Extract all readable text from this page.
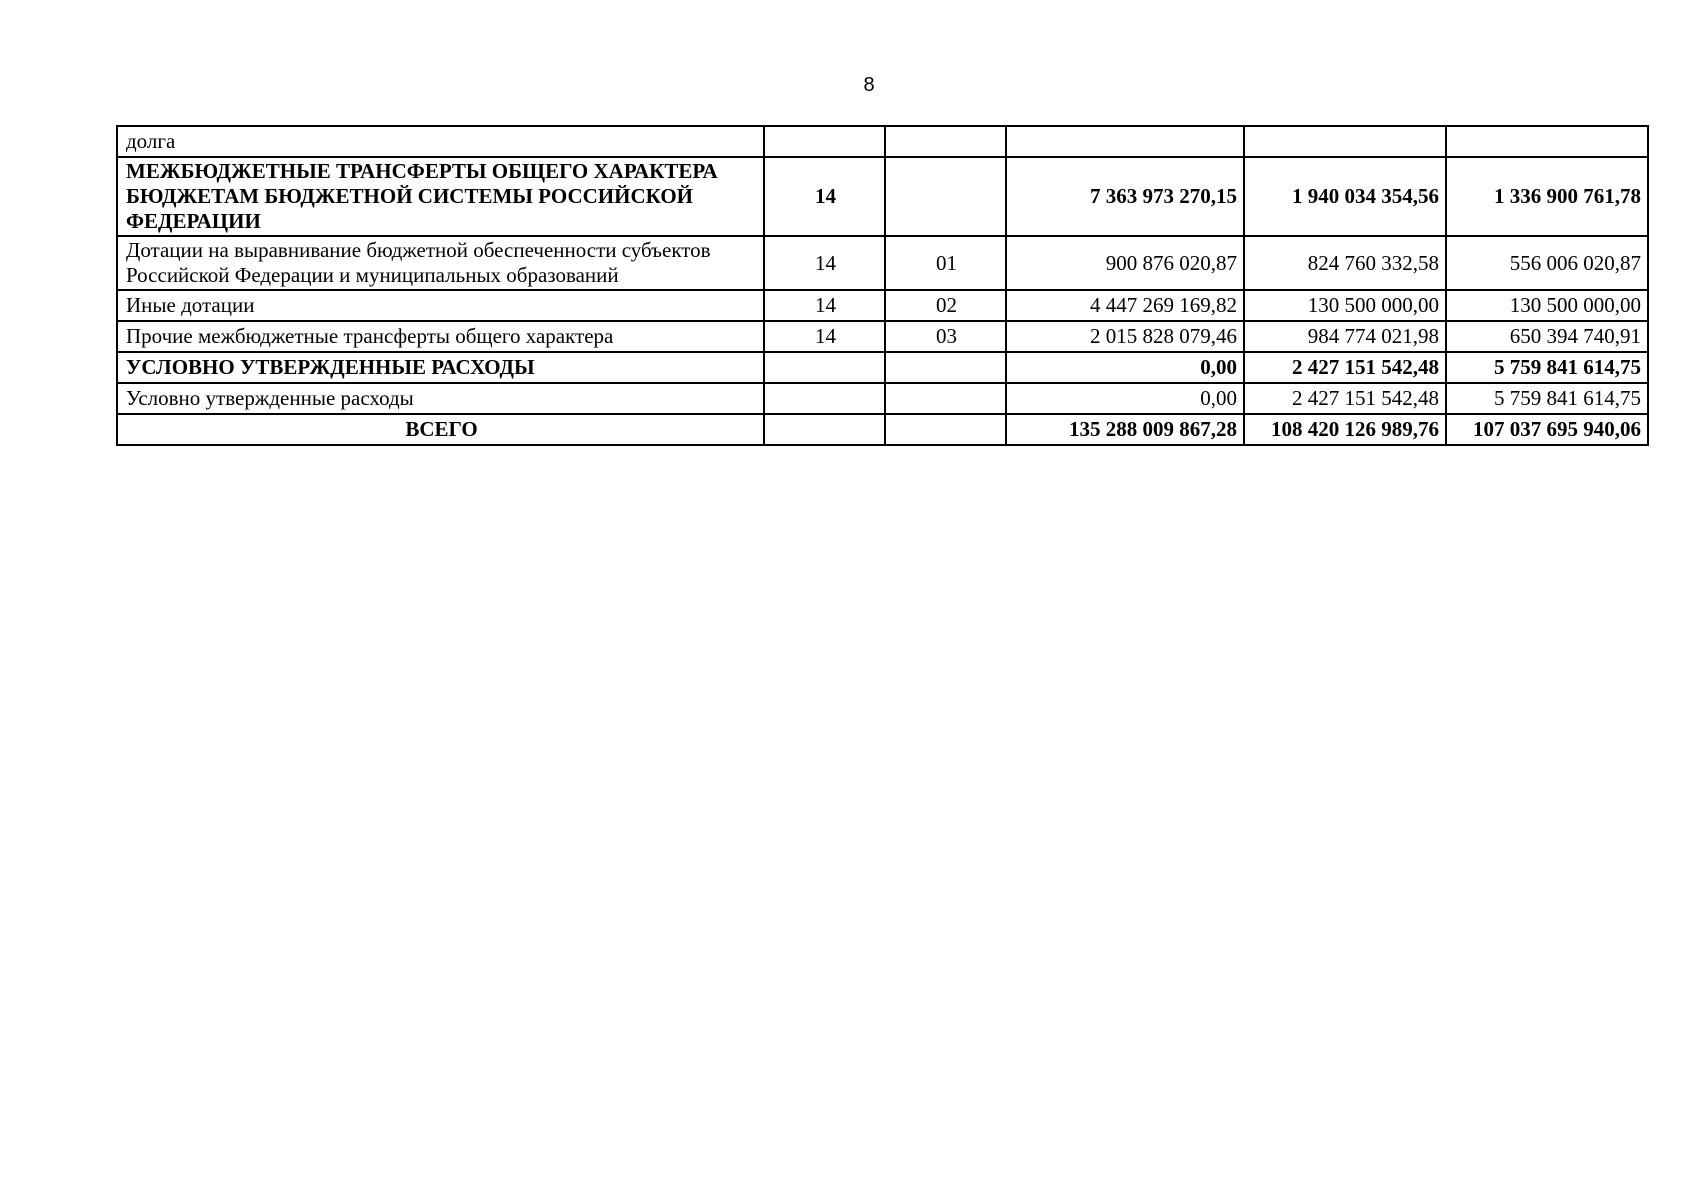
8
долга					
МЕЖБЮДЖЕТНЫЕ ТРАНСФЕРТЫ ОБЩЕГО ХАРАКТЕРА БЮДЖЕТАМ БЮДЖЕТНОЙ СИСТЕМЫ РОССИЙСКОЙ ФЕДЕРАЦИИ	14		7 363 973 270,15	1 940 034 354,56	1 336 900 761,78
Дотации на выравнивание бюджетной обеспеченности субъектов Российской Федерации и муниципальных образований	14	01	900 876 020,87	824 760 332,58	556 006 020,87
Иные дотации	14	02	4 447 269 169,82	130 500 000,00	130 500 000,00
Прочие межбюджетные трансферты общего характера	14	03	2 015 828 079,46	984 774 021,98	650 394 740,91
УСЛОВНО УТВЕРЖДЕННЫЕ РАСХОДЫ			0,00	2 427 151 542,48	5 759 841 614,75
Условно утвержденные расходы			0,00	2 427 151 542,48	5 759 841 614,75
ВСЕГО			135 288 009 867,28	108 420 126 989,76	107 037 695 940,06
